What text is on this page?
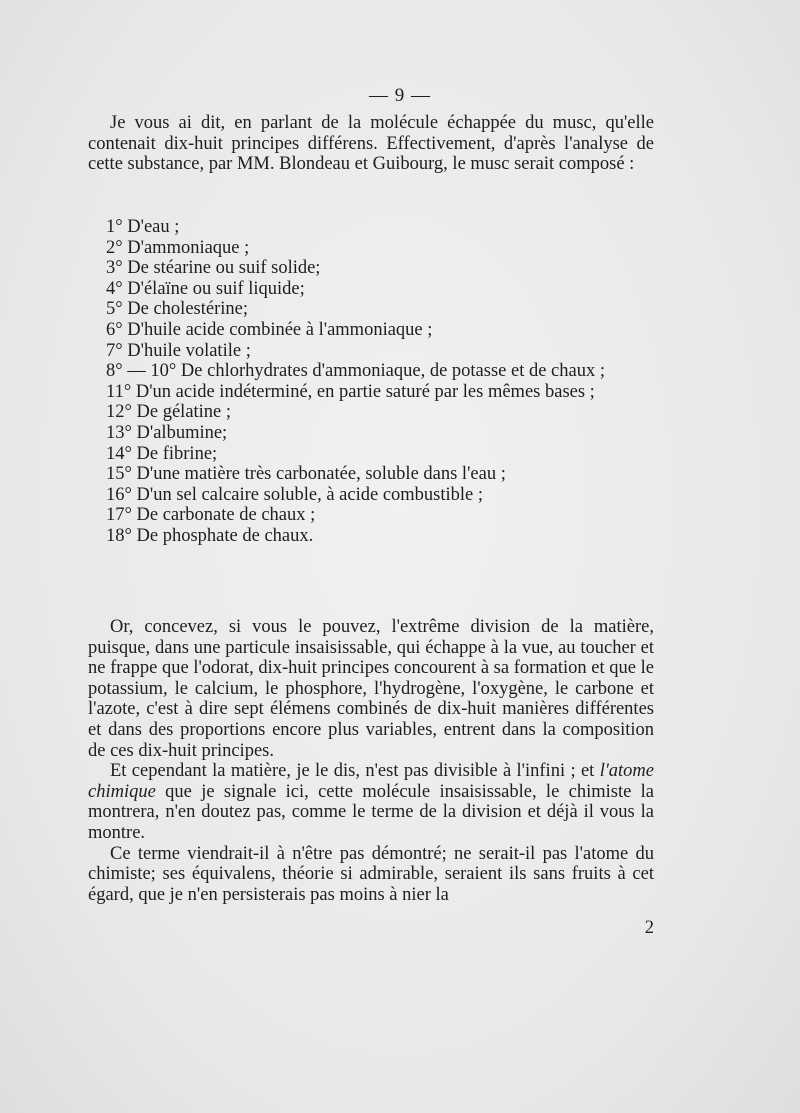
— 9 —

Je vous ai dit, en parlant de la molécule échappée du musc, qu'elle contenait dix-huit principes différens. Effectivement, d'après l'analyse de cette substance, par MM. Blondeau et Guibourg, le musc serait composé :

1° D'eau ;

2° D'ammoniaque ;

3° De stéarine ou suif solide;

4° D'élaïne ou suif liquide;

5° De cholestérine;

6° D'huile acide combinée à l'ammoniaque ;

7° D'huile volatile ;

8° — 10° De chlorhydrates d'ammoniaque, de potasse et de chaux ;

11° D'un acide indéterminé, en partie saturé par les mêmes bases ;

12° De gélatine ;

13° D'albumine;

14° De fibrine;

15° D'une matière très carbonatée, soluble dans l'eau ;

16° D'un sel calcaire soluble, à acide combustible ;

17° De carbonate de chaux ;

18° De phosphate de chaux.

Or, concevez, si vous le pouvez, l'extrême division de la matière, puisque, dans une particule insaisissable, qui échappe à la vue, au toucher et ne frappe que l'odorat, dix-huit principes concourent à sa formation et que le potassium, le calcium, le phosphore, l'hydrogène, l'oxygène, le carbone et l'azote, c'est à dire sept élémens combinés de dix-huit manières différentes et dans des proportions encore plus variables, entrent dans la composition de ces dix-huit principes.

Et cependant la matière, je le dis, n'est pas divisible à l'infini ; et l'atome chimique que je signale ici, cette molécule insaisissable, le chimiste la montrera, n'en doutez pas, comme le terme de la division et déjà il vous la montre.

Ce terme viendrait-il à n'être pas démontré; ne serait-il pas l'atome du chimiste; ses équivalens, théorie si admirable, seraient ils sans fruits à cet égard, que je n'en persisterais pas moins à nier la

2
